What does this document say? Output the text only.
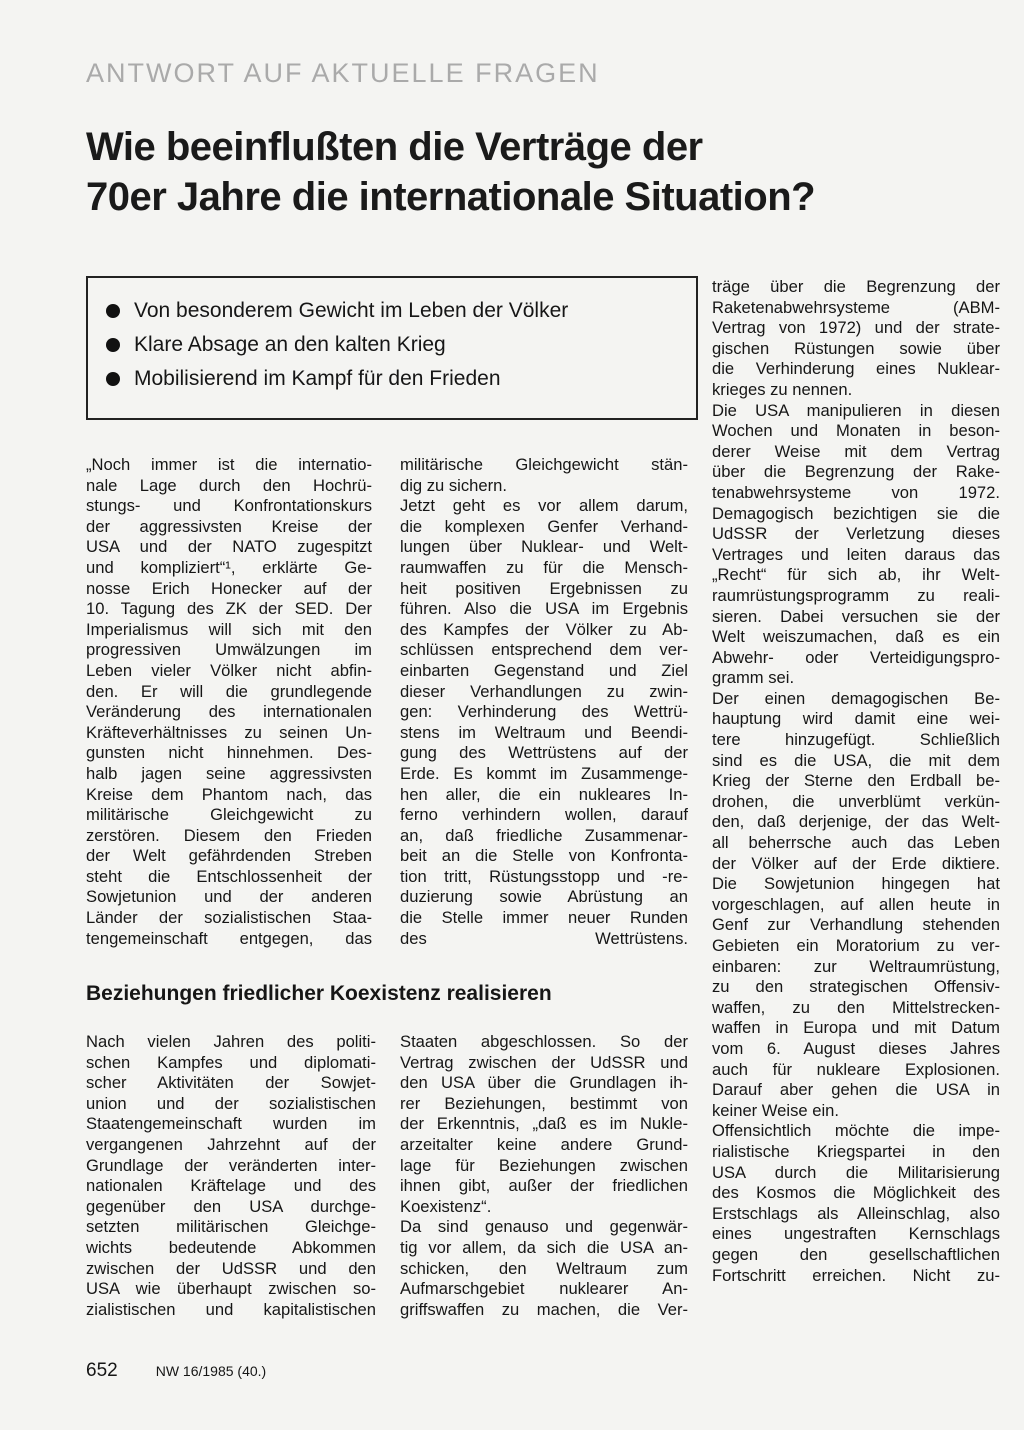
ANTWORT AUF AKTUELLE FRAGEN
Wie beeinflußten die Verträge der
70er Jahre die internationale Situation?
Von besonderem Gewicht im Leben der Völker
Klare Absage an den kalten Krieg
Mobilisierend im Kampf für den Frieden
„Noch immer ist die internatio-
nale Lage durch den Hochrü-
stungs- und Konfrontationskurs
der aggressivsten Kreise der
USA und der NATO zugespitzt
und kompliziert“¹, erklärte Ge-
nosse Erich Honecker auf der
10. Tagung des ZK der SED. Der
Imperialismus will sich mit den
progressiven Umwälzungen im
Leben vieler Völker nicht abfin-
den. Er will die grundlegende
Veränderung des internationalen
Kräfteverhältnisses zu seinen Un-
gunsten nicht hinnehmen. Des-
halb jagen seine aggressivsten
Kreise dem Phantom nach, das
militärische Gleichgewicht zu
zerstören. Diesem den Frieden
der Welt gefährdenden Streben
steht die Entschlossenheit der
Sowjetunion und der anderen
Länder der sozialistischen Staa-
tengemeinschaft entgegen, das
militärische Gleichgewicht stän-
dig zu sichern.
Jetzt geht es vor allem darum,
die komplexen Genfer Verhand-
lungen über Nuklear- und Welt-
raumwaffen zu für die Mensch-
heit positiven Ergebnissen zu
führen. Also die USA im Ergebnis
des Kampfes der Völker zu Ab-
schlüssen entsprechend dem ver-
einbarten Gegenstand und Ziel
dieser Verhandlungen zu zwin-
gen: Verhinderung des Wettrü-
stens im Weltraum und Beendi-
gung des Wettrüstens auf der
Erde. Es kommt im Zusammenge-
hen aller, die ein nukleares In-
ferno verhindern wollen, darauf
an, daß friedliche Zusammenar-
beit an die Stelle von Konfronta-
tion tritt, Rüstungsstopp und -re-
duzierung sowie Abrüstung an
die Stelle immer neuer Runden
des Wettrüstens.
träge über die Begrenzung der
Raketenabwehrsysteme (ABM-
Vertrag von 1972) und der strate-
gischen Rüstungen sowie über
die Verhinderung eines Nuklear-
krieges zu nennen.
Die USA manipulieren in diesen
Wochen und Monaten in beson-
derer Weise mit dem Vertrag
über die Begrenzung der Rake-
tenabwehrsysteme von 1972.
Demagogisch bezichtigen sie die
UdSSR der Verletzung dieses
Vertrages und leiten daraus das
„Recht“ für sich ab, ihr Welt-
raumrüstungsprogramm zu reali-
sieren. Dabei versuchen sie der
Welt weiszumachen, daß es ein
Abwehr- oder Verteidigungspro-
gramm sei.
Der einen demagogischen Be-
hauptung wird damit eine wei-
tere hinzugefügt. Schließlich
sind es die USA, die mit dem
Krieg der Sterne den Erdball be-
drohen, die unverblümt verkün-
den, daß derjenige, der das Welt-
all beherrsche auch das Leben
der Völker auf der Erde diktiere.
Die Sowjetunion hingegen hat
vorgeschlagen, auf allen heute in
Genf zur Verhandlung stehenden
Gebieten ein Moratorium zu ver-
einbaren: zur Weltraumrüstung,
zu den strategischen Offensiv-
waffen, zu den Mittelstrecken-
waffen in Europa und mit Datum
vom 6. August dieses Jahres
auch für nukleare Explosionen.
Darauf aber gehen die USA in
keiner Weise ein.
Offensichtlich möchte die impe-
rialistische Kriegspartei in den
USA durch die Militarisierung
des Kosmos die Möglichkeit des
Erstschlags als Alleinschlag, also
eines ungestraften Kernschlags
gegen den gesellschaftlichen
Fortschritt erreichen. Nicht zu-
Beziehungen friedlicher Koexistenz realisieren
Nach vielen Jahren des politi-
schen Kampfes und diplomati-
scher Aktivitäten der Sowjet-
union und der sozialistischen
Staatengemeinschaft wurden im
vergangenen Jahrzehnt auf der
Grundlage der veränderten inter-
nationalen Kräftelage und des
gegenüber den USA durchge-
setzten militärischen Gleichge-
wichts bedeutende Abkommen
zwischen der UdSSR und den
USA wie überhaupt zwischen so-
zialistischen und kapitalistischen
Staaten abgeschlossen. So der
Vertrag zwischen der UdSSR und
den USA über die Grundlagen ih-
rer Beziehungen, bestimmt von
der Erkenntnis, „daß es im Nukle-
arzeitalter keine andere Grund-
lage für Beziehungen zwischen
ihnen gibt, außer der friedlichen
Koexistenz“.
Da sind genauso und gegenwär-
tig vor allem, da sich die USA an-
schicken, den Weltraum zum
Aufmarschgebiet nuklearer An-
griffswaffen zu machen, die Ver-
652	NW 16/1985 (40.)
